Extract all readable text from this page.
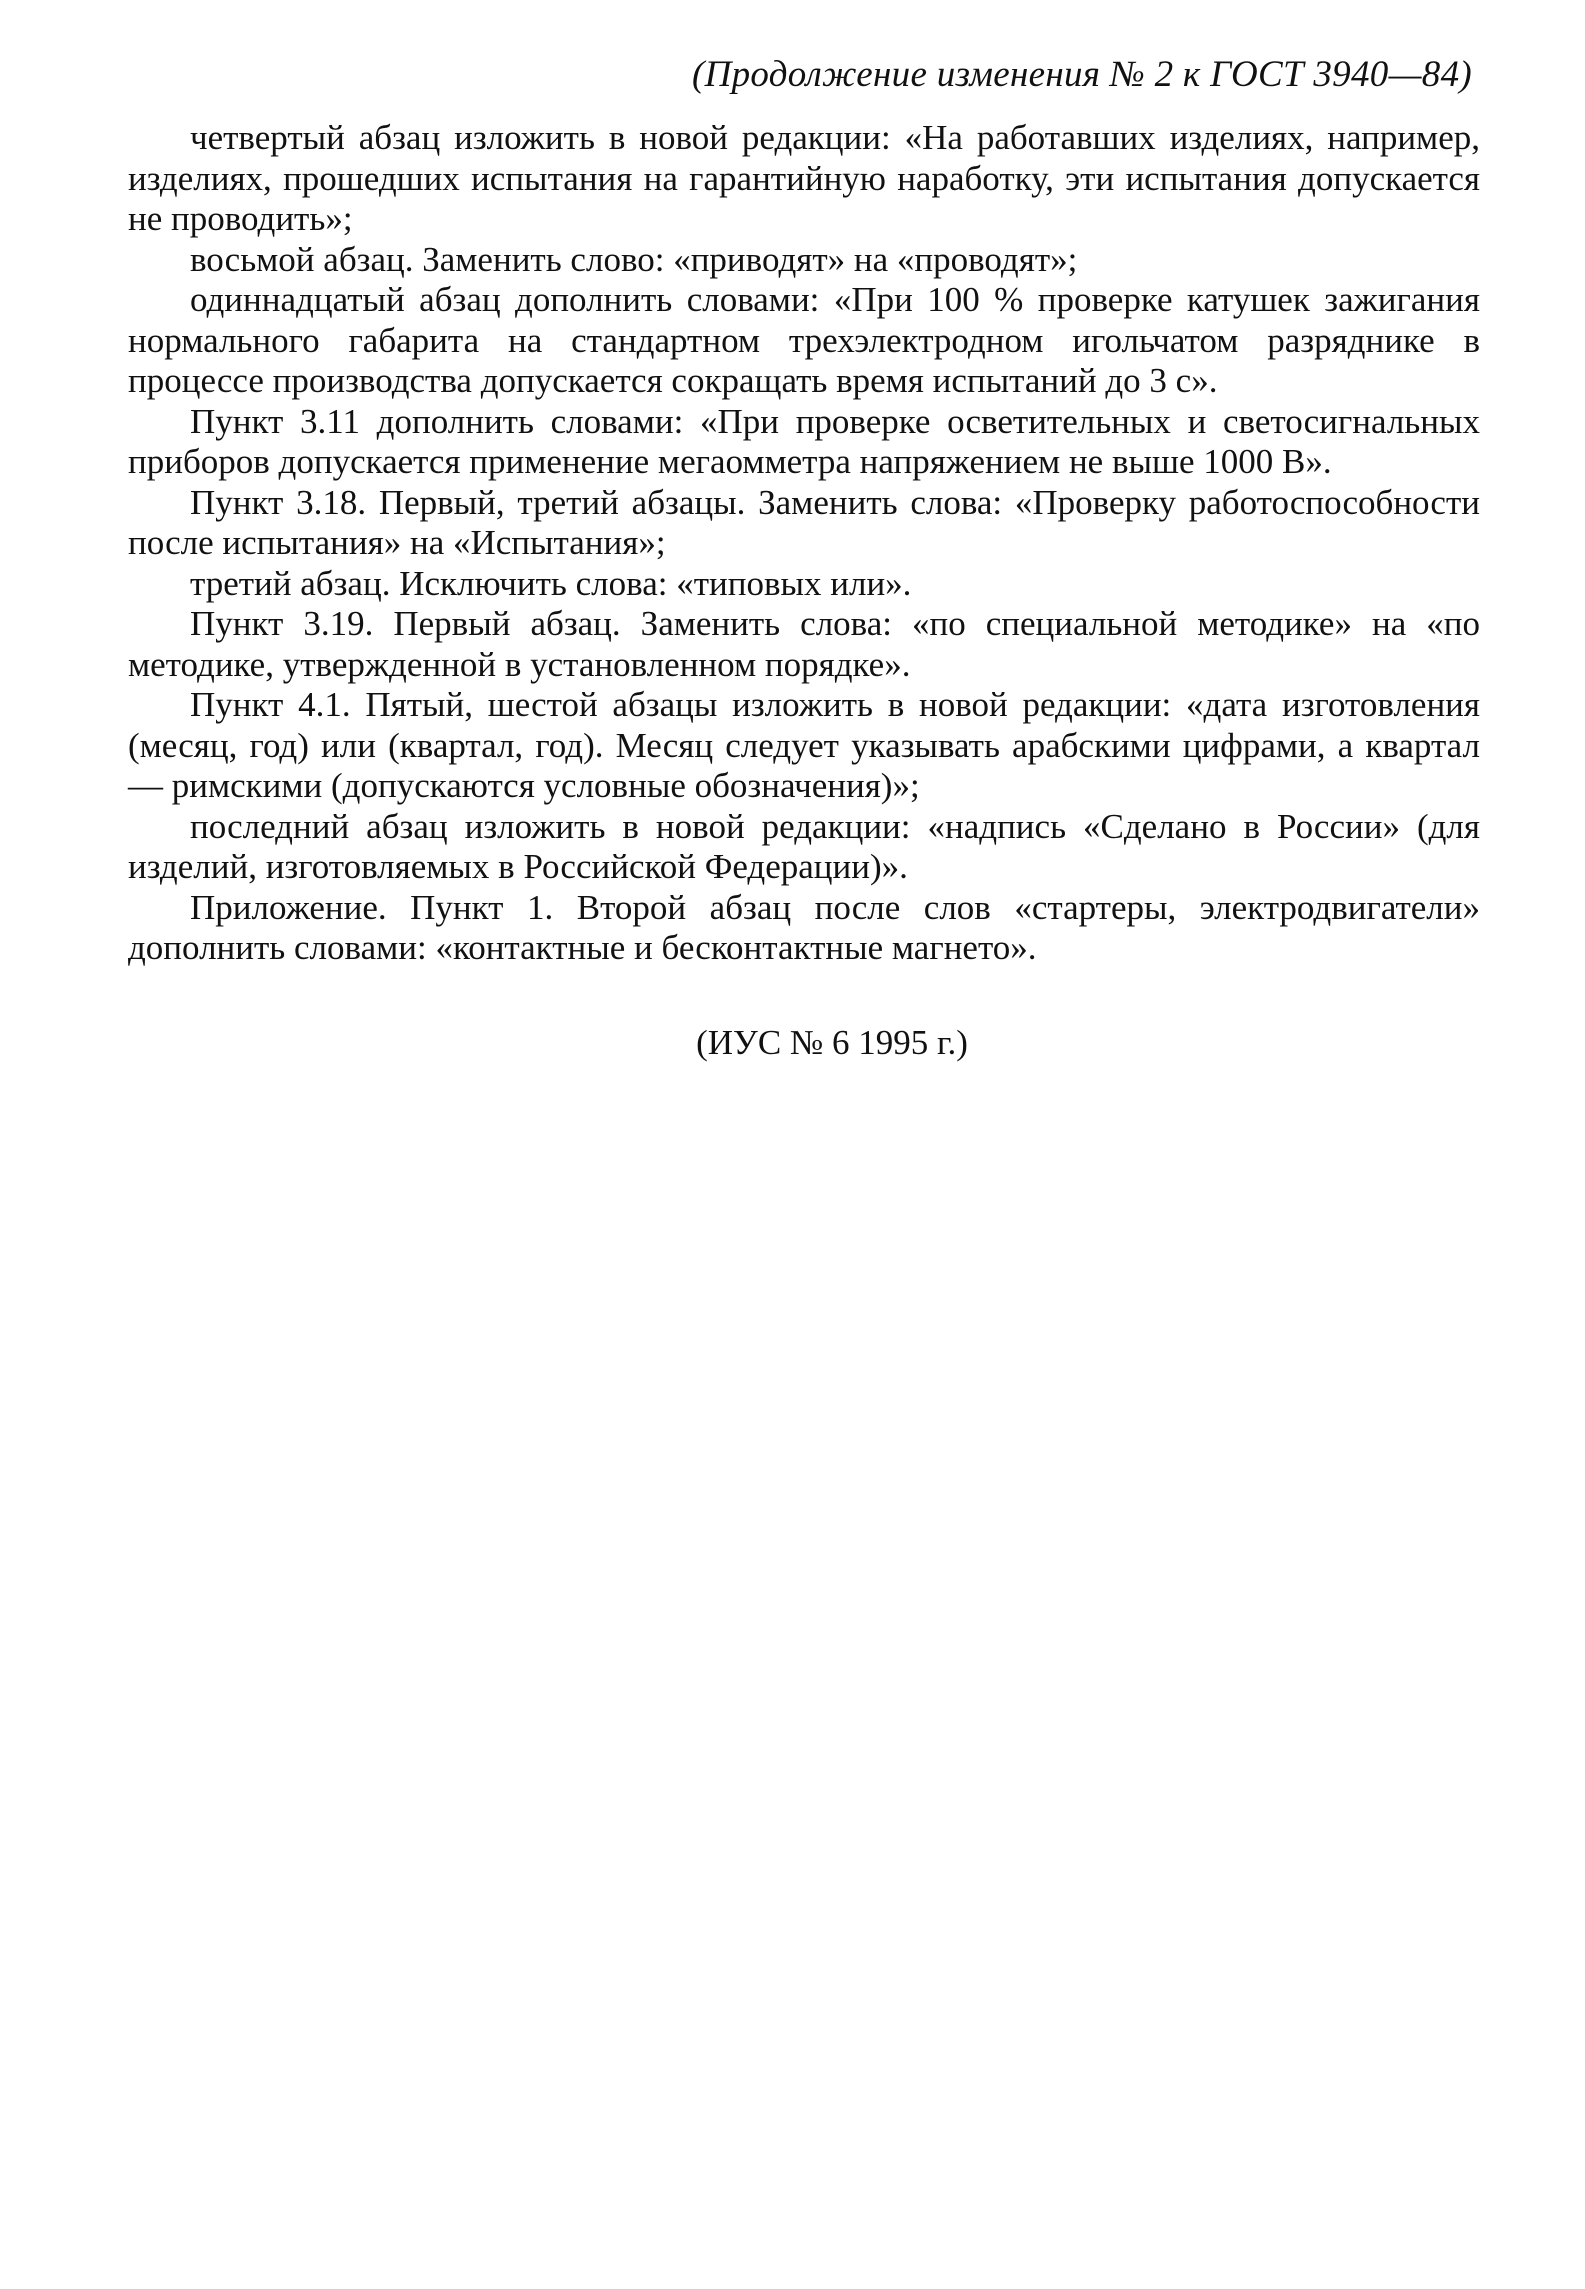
(Продолжение изменения № 2 к ГОСТ 3940—84)

четвертый абзац изложить в новой редакции: «На работавших изделиях, например, изделиях, прошедших испытания на гарантийную наработку, эти испытания допускается не проводить»;

восьмой абзац. Заменить слово: «приводят» на «проводят»;

одиннадцатый абзац дополнить словами: «При 100 % проверке катушек зажигания нормального габарита на стандартном трехэлектродном игольчатом разряднике в процессе производства допускается сокращать время испытаний до 3 с».

Пункт 3.11 дополнить словами: «При проверке осветительных и светосигнальных приборов допускается применение мегаомметра напряжением не выше 1000 В».

Пункт 3.18. Первый, третий абзацы. Заменить слова: «Проверку работоспособности после испытания» на «Испытания»;

третий абзац. Исключить слова: «типовых или».

Пункт 3.19. Первый абзац. Заменить слова: «по специальной методике» на «по методике, утвержденной в установленном порядке».

Пункт 4.1. Пятый, шестой абзацы изложить в новой редакции: «дата изготовления (месяц, год) или (квартал, год). Месяц следует указывать арабскими цифрами, а квартал — римскими (допускаются условные обозначения)»;

последний абзац изложить в новой редакции: «надпись «Сделано в России» (для изделий, изготовляемых в Российской Федерации)».

Приложение. Пункт 1. Второй абзац после слов «стартеры, электродвигатели» дополнить словами: «контактные и бесконтактные магнето».

(ИУС № 6 1995 г.)
